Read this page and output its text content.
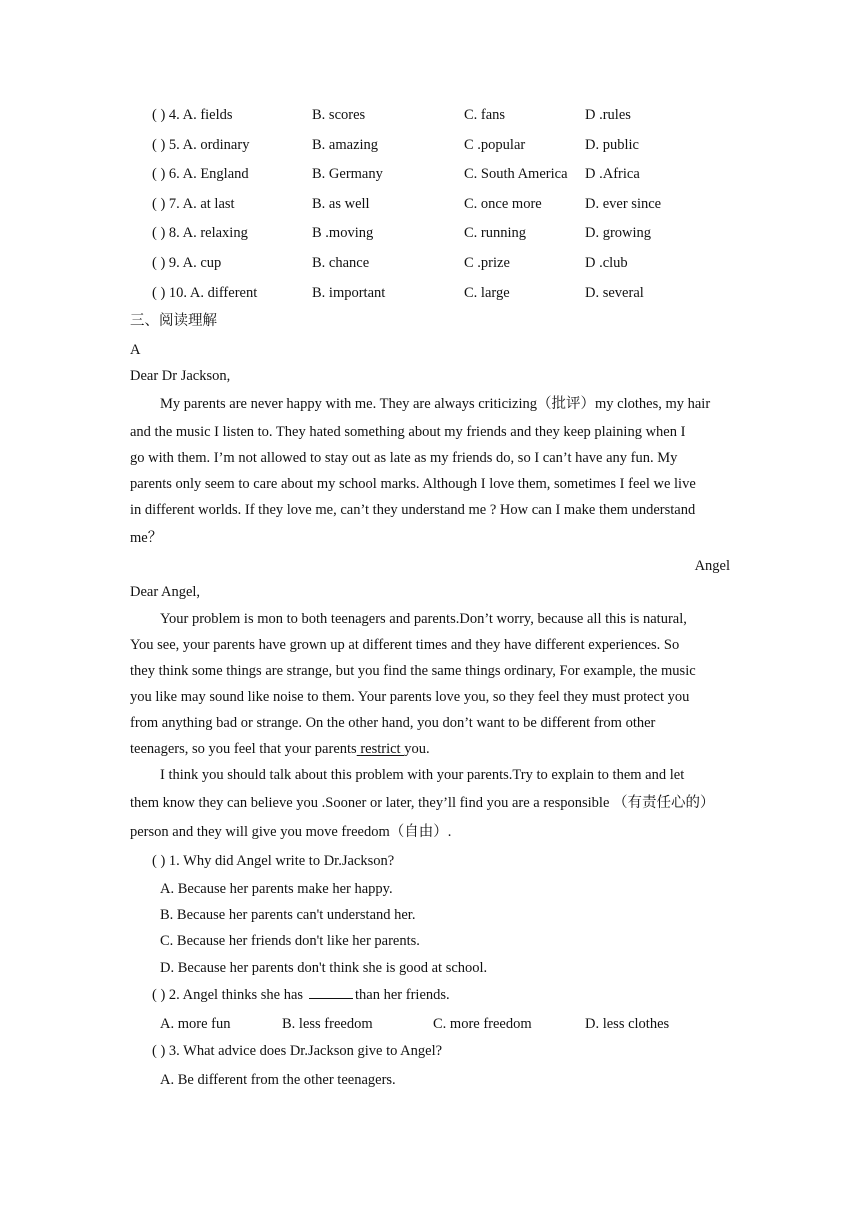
( ) 4. A. fields	B. scores	C. fans	D .rules
( ) 5. A. ordinary	B. amazing	C .popular	D. public
( ) 6. A. England	B. Germany	C. South America D .Africa
( ) 7. A. at last	B. as well	C. once more	D. ever since
( ) 8. A. relaxing	B .moving	C. running	D. growing
( ) 9. A. cup	B. chance	C .prize	D .club
( ) 10. A. different	B. important	C. large	D. several
三、阅读理解
A
Dear Dr Jackson,
My parents are never happy with me. They are always criticizing（批评）my clothes, my hair
and the music I listen to. They hated something about my friends and they keep plaining when I
go with them. I’m not allowed to stay out as late as my friends do, so I can’t have any fun. My
parents only seem to care about my school marks. Although I love them, sometimes I feel we live
in different worlds. If they love me, can’t they understand me ? How can I make them understand
me？
Angel
Dear Angel,
Your problem is mon to both teenagers and parents.Don’t worry, because all this is natural,
You see, your parents have grown up at different times and they have different experiences. So
they think some things are strange, but you find the same things ordinary, For example, the music
you like may sound like noise to them. Your parents love you, so they feel they must protect you
from anything bad or strange. On the other hand, you don’t want to be different from other
teenagers, so you feel that your parents restrict you.
I think you should talk about this problem with your parents.Try to explain to them and let
them know they can believe you .Sooner or later, they’ll find you are a responsible （有责任心的）
person and they will give you move freedom（自由）.
( ) 1. Why did Angel write to Dr.Jackson?
A. Because her parents make her happy.
B. Because her parents can't understand her.
C. Because her friends don't like her parents.
D. Because her parents don't think she is good at school.
( ) 2. Angel thinks she has	than her friends.
A. more fun	B. less freedom	C. more freedom	D. less clothes
( ) 3. What advice does Dr.Jackson give to Angel?
A. Be different from the other teenagers.
